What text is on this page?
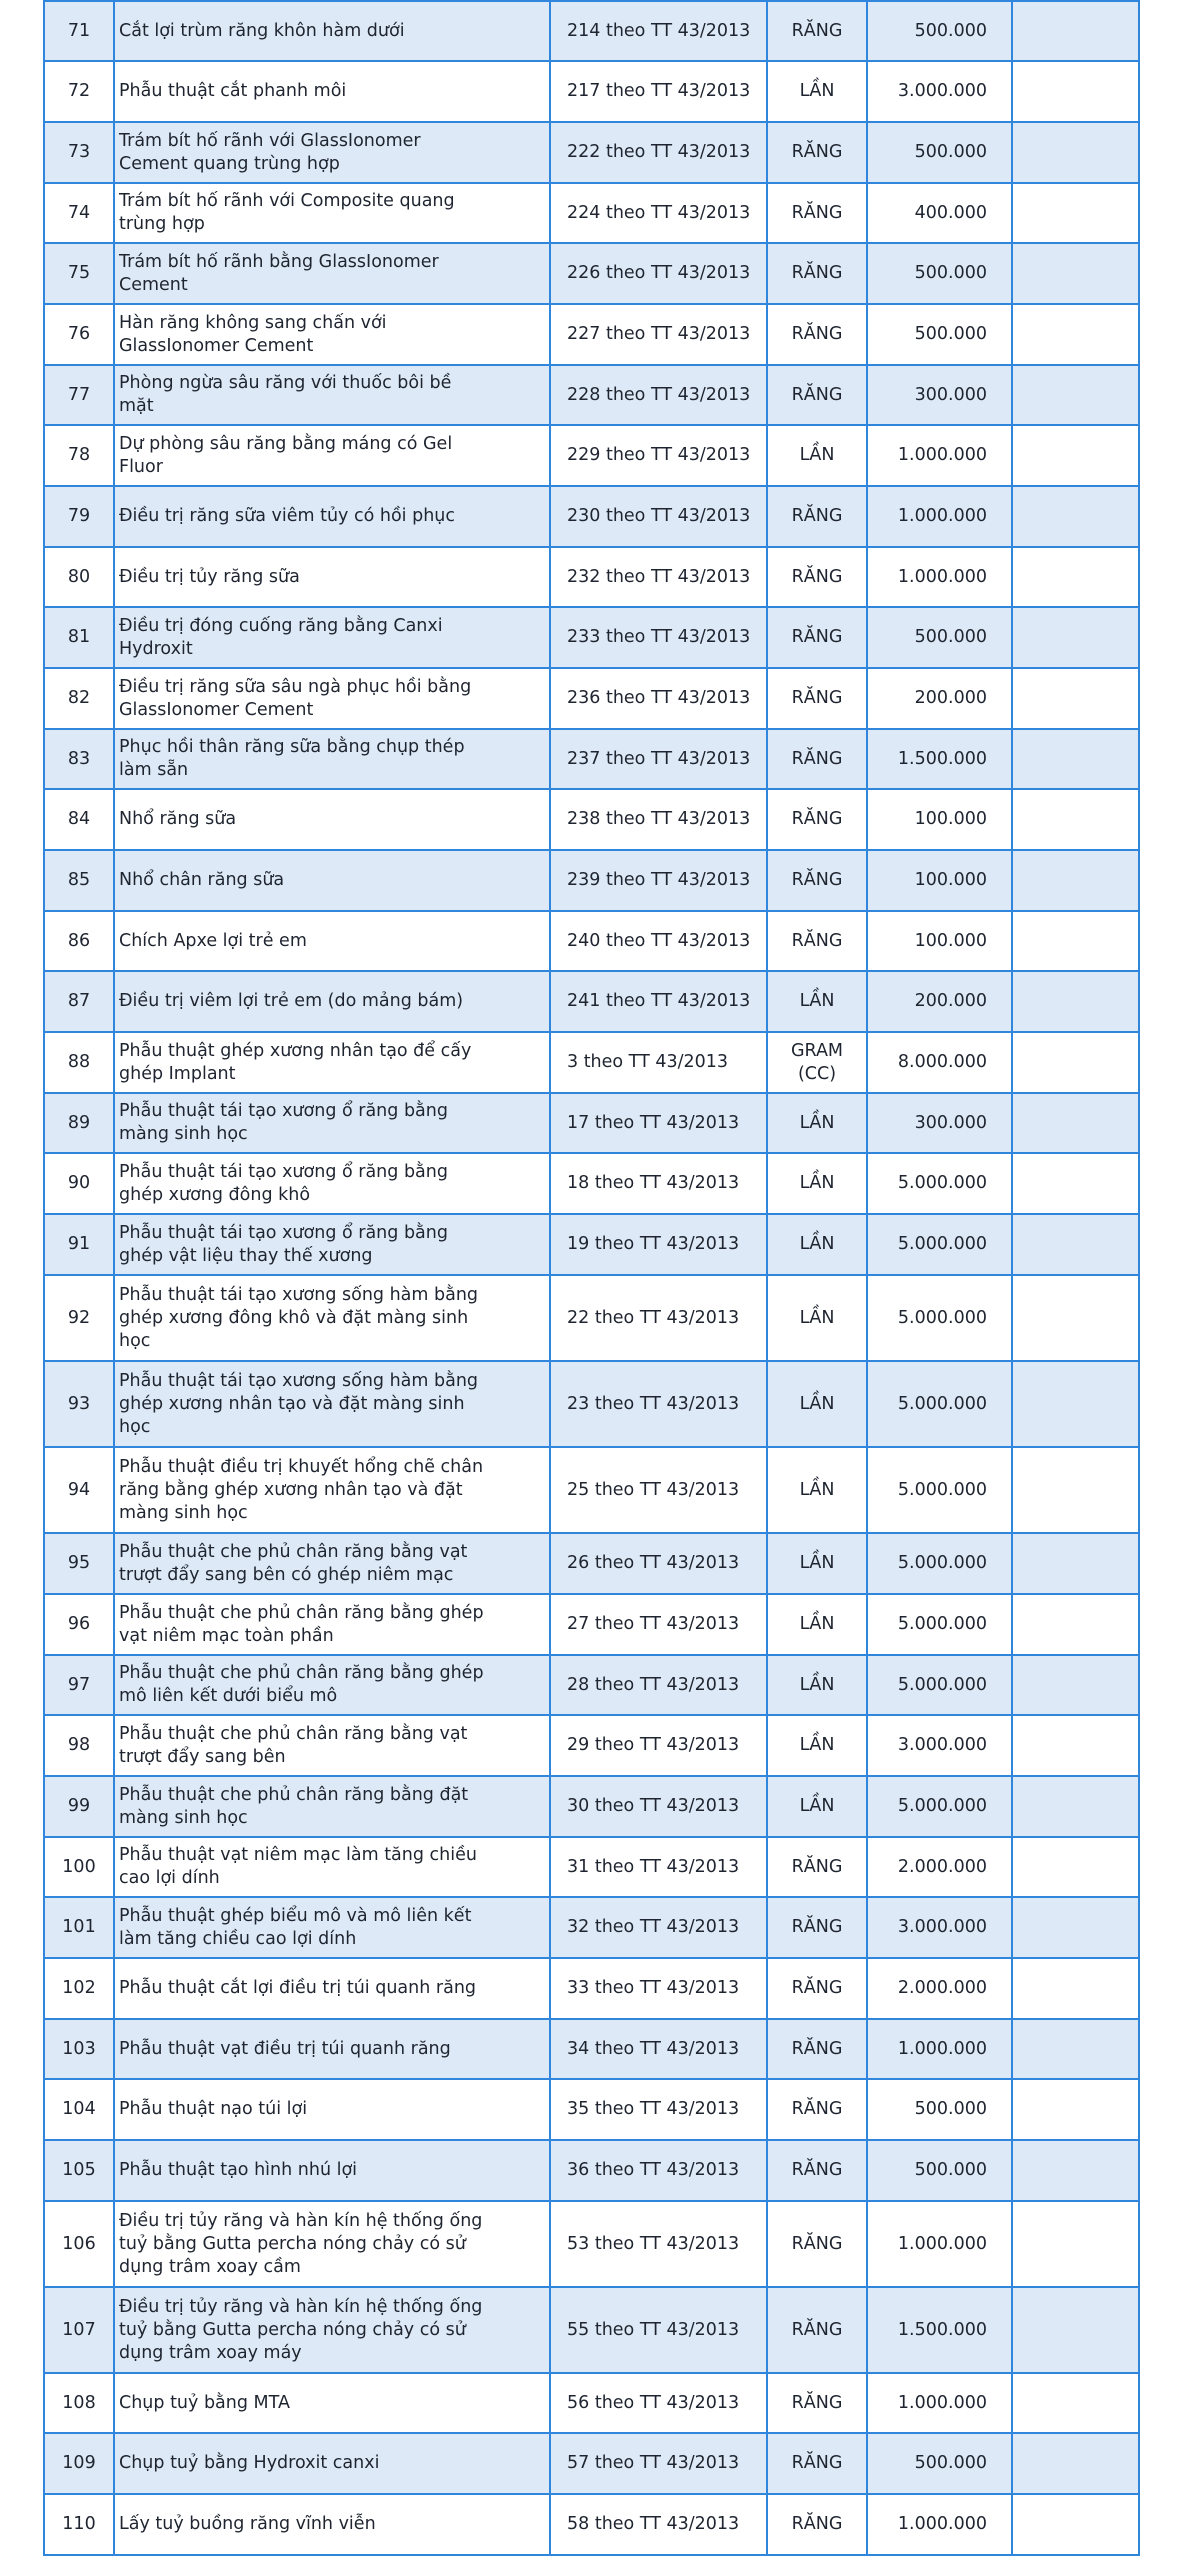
71	Cắt lợi trùm răng khôn hàm dưới	214 theo TT 43/2013	RĂNG	500.000	
72	Phẫu thuật cắt phanh môi	217 theo TT 43/2013	LẦN	3.000.000	
73	Trám bít hố rãnh với GlassIonomer Cement quang trùng hợp	222 theo TT 43/2013	RĂNG	500.000	
74	Trám bít hố rãnh với Composite quang trùng hợp	224 theo TT 43/2013	RĂNG	400.000	
75	Trám bít hố rãnh bằng GlassIonomer Cement	226 theo TT 43/2013	RĂNG	500.000	
76	Hàn răng không sang chấn với GlassIonomer Cement	227 theo TT 43/2013	RĂNG	500.000	
77	Phòng ngừa sâu răng với thuốc bôi bề mặt	228 theo TT 43/2013	RĂNG	300.000	
78	Dự phòng sâu răng bằng máng có Gel Fluor	229 theo TT 43/2013	LẦN	1.000.000	
79	Điều trị răng sữa viêm tủy có hồi phục	230 theo TT 43/2013	RĂNG	1.000.000	
80	Điều trị tủy răng sữa	232 theo TT 43/2013	RĂNG	1.000.000	
81	Điều trị đóng cuống răng bằng Canxi Hydroxit	233 theo TT 43/2013	RĂNG	500.000	
82	Điều trị răng sữa sâu ngà phục hồi bằng GlassIonomer Cement	236 theo TT 43/2013	RĂNG	200.000	
83	Phục hồi thân răng sữa bằng chụp thép làm sẵn	237 theo TT 43/2013	RĂNG	1.500.000	
84	Nhổ răng sữa	238 theo TT 43/2013	RĂNG	100.000	
85	Nhổ chân răng sữa	239 theo TT 43/2013	RĂNG	100.000	
86	Chích Apxe lợi trẻ em	240 theo TT 43/2013	RĂNG	100.000	
87	Điều trị viêm lợi trẻ em (do mảng bám)	241 theo TT 43/2013	LẦN	200.000	
88	Phẫu thuật ghép xương nhân tạo để cấy ghép Implant	3 theo TT 43/2013	GRAM (CC)	8.000.000	
89	Phẫu thuật tái tạo xương ổ răng bằng màng sinh học	17 theo TT 43/2013	LẦN	300.000	
90	Phẫu thuật tái tạo xương ổ răng bằng ghép xương đông khô	18 theo TT 43/2013	LẦN	5.000.000	
91	Phẫu thuật tái tạo xương ổ răng bằng ghép vật liệu thay thế xương	19 theo TT 43/2013	LẦN	5.000.000	
92	Phẫu thuật tái tạo xương sống hàm bằng ghép xương đông khô và đặt màng sinh học	22 theo TT 43/2013	LẦN	5.000.000	
93	Phẫu thuật tái tạo xương sống hàm bằng ghép xương nhân tạo và đặt màng sinh học	23 theo TT 43/2013	LẦN	5.000.000	
94	Phẫu thuật điều trị khuyết hổng chẽ chân răng bằng ghép xương nhân tạo và đặt màng sinh học	25 theo TT 43/2013	LẦN	5.000.000	
95	Phẫu thuật che phủ chân răng bằng vạt trượt đẩy sang bên có ghép niêm mạc	26 theo TT 43/2013	LẦN	5.000.000	
96	Phẫu thuật che phủ chân răng bằng ghép vạt niêm mạc toàn phần	27 theo TT 43/2013	LẦN	5.000.000	
97	Phẫu thuật che phủ chân răng bằng ghép mô liên kết dưới biểu mô	28 theo TT 43/2013	LẦN	5.000.000	
98	Phẫu thuật che phủ chân răng bằng vạt trượt đẩy sang bên	29 theo TT 43/2013	LẦN	3.000.000	
99	Phẫu thuật che phủ chân răng bằng đặt màng sinh học	30 theo TT 43/2013	LẦN	5.000.000	
100	Phẫu thuật vạt niêm mạc làm tăng chiều cao lợi dính	31 theo TT 43/2013	RĂNG	2.000.000	
101	Phẫu thuật ghép biểu mô và mô liên kết làm tăng chiều cao lợi dính	32 theo TT 43/2013	RĂNG	3.000.000	
102	Phẫu thuật cắt lợi điều trị túi quanh răng	33 theo TT 43/2013	RĂNG	2.000.000	
103	Phẫu thuật vạt điều trị túi quanh răng	34 theo TT 43/2013	RĂNG	1.000.000	
104	Phẫu thuật nạo túi lợi	35 theo TT 43/2013	RĂNG	500.000	
105	Phẫu thuật tạo hình nhú lợi	36 theo TT 43/2013	RĂNG	500.000	
106	Điều trị tủy răng và hàn kín hệ thống ống tuỷ bằng Gutta percha nóng chảy có sử dụng trâm xoay cầm	53 theo TT 43/2013	RĂNG	1.000.000	
107	Điều trị tủy răng và hàn kín hệ thống ống tuỷ bằng Gutta percha nóng chảy có sử dụng trâm xoay máy	55 theo TT 43/2013	RĂNG	1.500.000	
108	Chụp tuỷ bằng MTA	56 theo TT 43/2013	RĂNG	1.000.000	
109	Chụp tuỷ bằng Hydroxit canxi	57 theo TT 43/2013	RĂNG	500.000	
110	Lấy tuỷ buồng răng vĩnh viễn	58 theo TT 43/2013	RĂNG	1.000.000	
